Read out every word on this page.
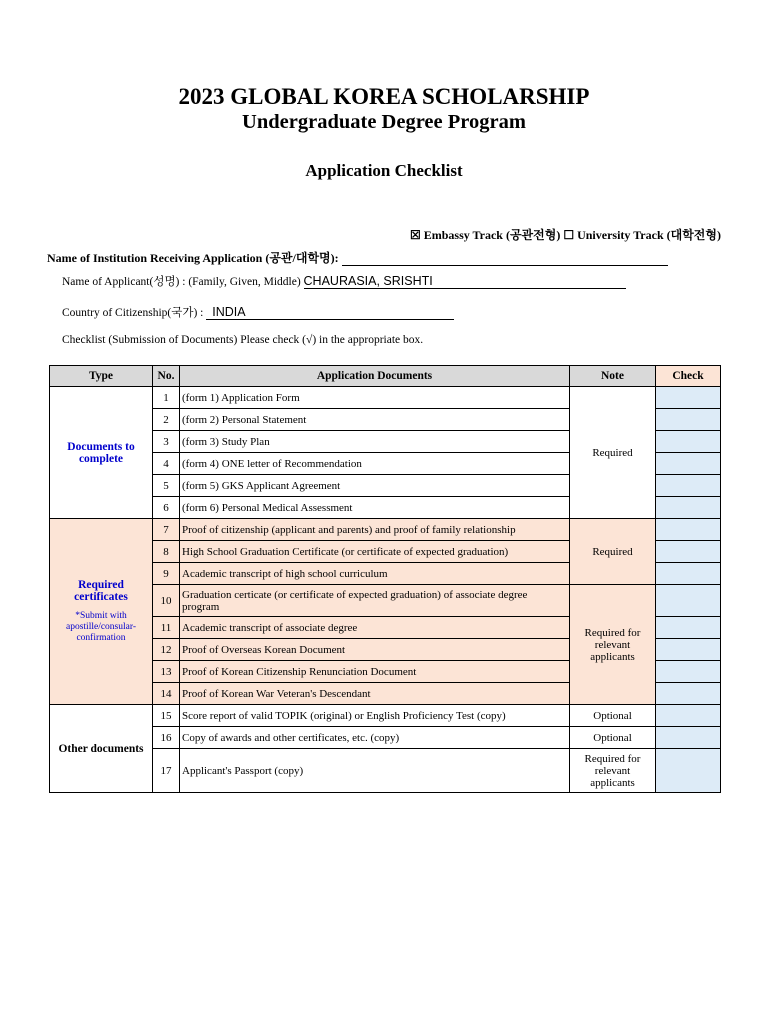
2023 GLOBAL KOREA SCHOLARSHIP
Undergraduate Degree Program
Application Checklist
☒ Embassy Track (공관전형) ☐ University Track (대학전형)
Name of Institution Receiving Application (공관/대학명):
Name of Applicant(성명) : (Family, Given, Middle) CHAURASIA, SRISHTI
Country of Citizenship(국가) : INDIA
Checklist (Submission of Documents) Please check (√) in the appropriate box.
Type	No.	Application Documents	Note	Check
Documents to complete	1	(form 1) Application Form	Required	
	2	(form 2) Personal Statement		
	3	(form 3) Study Plan		
	4	(form 4) ONE letter of Recommendation		
	5	(form 5) GKS Applicant Agreement		
	6	(form 6) Personal Medical Assessment		
Required certificates
*Submit with apostille/consular-confirmation	7	Proof of citizenship (applicant and parents) and proof of family relationship	Required	
	8	High School Graduation Certificate (or certificate of expected graduation)		
	9	Academic transcript of high school curriculum		
	10	Graduation certicate (or certificate of expected graduation) of associate degree program	Required for relevant applicants	
	11	Academic transcript of associate degree		
	12	Proof of Overseas Korean Document		
	13	Proof of Korean Citizenship Renunciation Document		
	14	Proof of Korean War Veteran's Descendant		
Other documents	15	Score report of valid TOPIK (original) or English Proficiency Test (copy)	Optional	
	16	Copy of awards and other certificates, etc. (copy)	Optional	
	17	Applicant's Passport (copy)	Required for relevant applicants	
